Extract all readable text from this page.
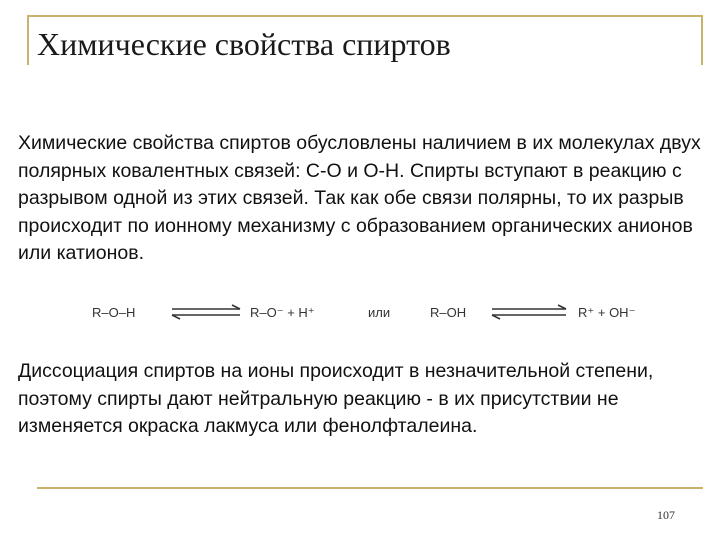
Химические свойства спиртов
Химические свойства спиртов обусловлены наличием в их молекулах двух полярных ковалентных связей: С-О и О-Н. Спирты вступают в реакцию с разрывом одной из этих связей. Так как обе связи полярны, то их разрыв происходит по ионному механизму с образованием органических анионов или катионов.
R–O–H	R–O⁻ + H⁺	или	R–OH	R⁺ + OH⁻
Диссоциация спиртов на ионы происходит в незначительной степени, поэтому спирты дают нейтральную реакцию - в их присутствии не изменяется окраска лакмуса или фенолфталеина.
107
